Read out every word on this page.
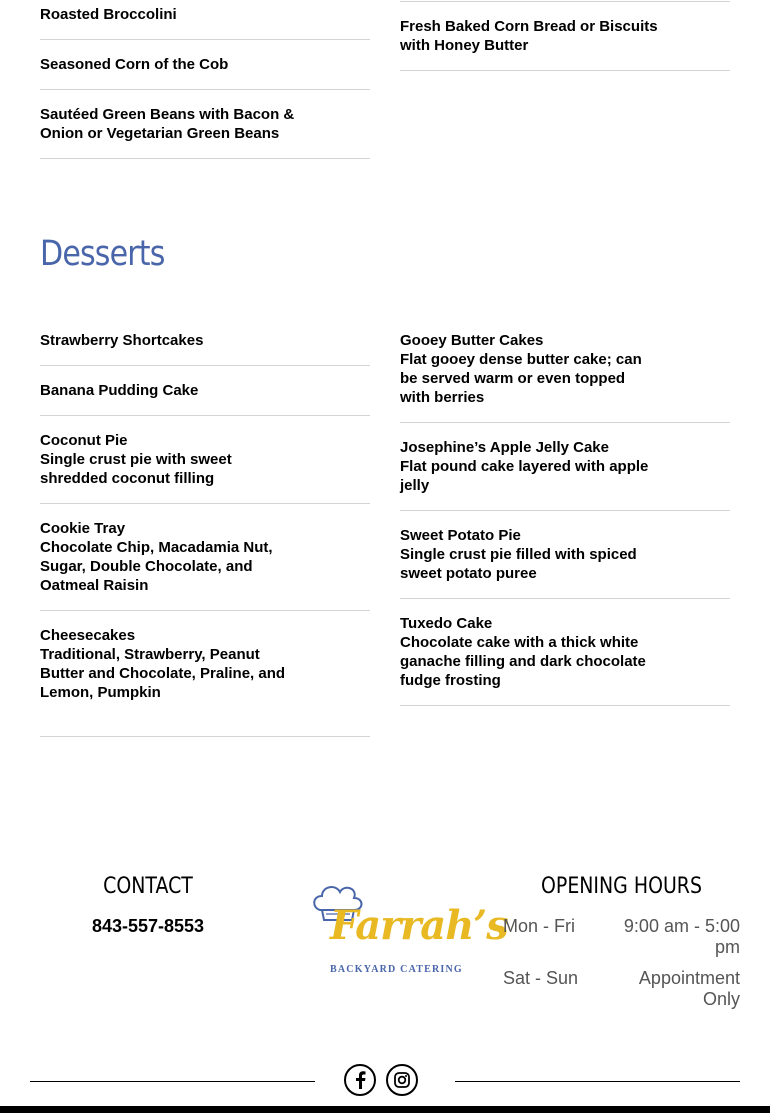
Roasted Broccolini
Seasoned Corn of the Cob
Sautéed Green Beans with Bacon &
Onion or Vegetarian Green Beans
Fresh Baked Corn Bread or Biscuits
with Honey Butter
Desserts
Strawberry Shortcakes
Banana Pudding Cake
Coconut Pie
Single crust pie with sweet
shredded coconut filling
Cookie Tray
Chocolate Chip, Macadamia Nut,
Sugar, Double Chocolate, and
Oatmeal Raisin
Cheesecakes
Traditional, Strawberry, Peanut
Butter and Chocolate, Praline, and
Lemon, Pumpkin
Gooey Butter Cakes
Flat gooey dense butter cake; can
be served warm or even topped
with berries
Josephine’s Apple Jelly Cake
Flat pound cake layered with apple
jelly
Sweet Potato Pie
Single crust pie filled with spiced
sweet potato puree
Tuxedo Cake
Chocolate cake with a thick white
ganache filling and dark chocolate
fudge frosting
CONTACT
843-557-8553	Farrah’s
BACKYARD CATERING
OPENING HOURS
Mon - Fri	9:00 am - 5:00
pm
Sat - Sun	Appointment
Only
